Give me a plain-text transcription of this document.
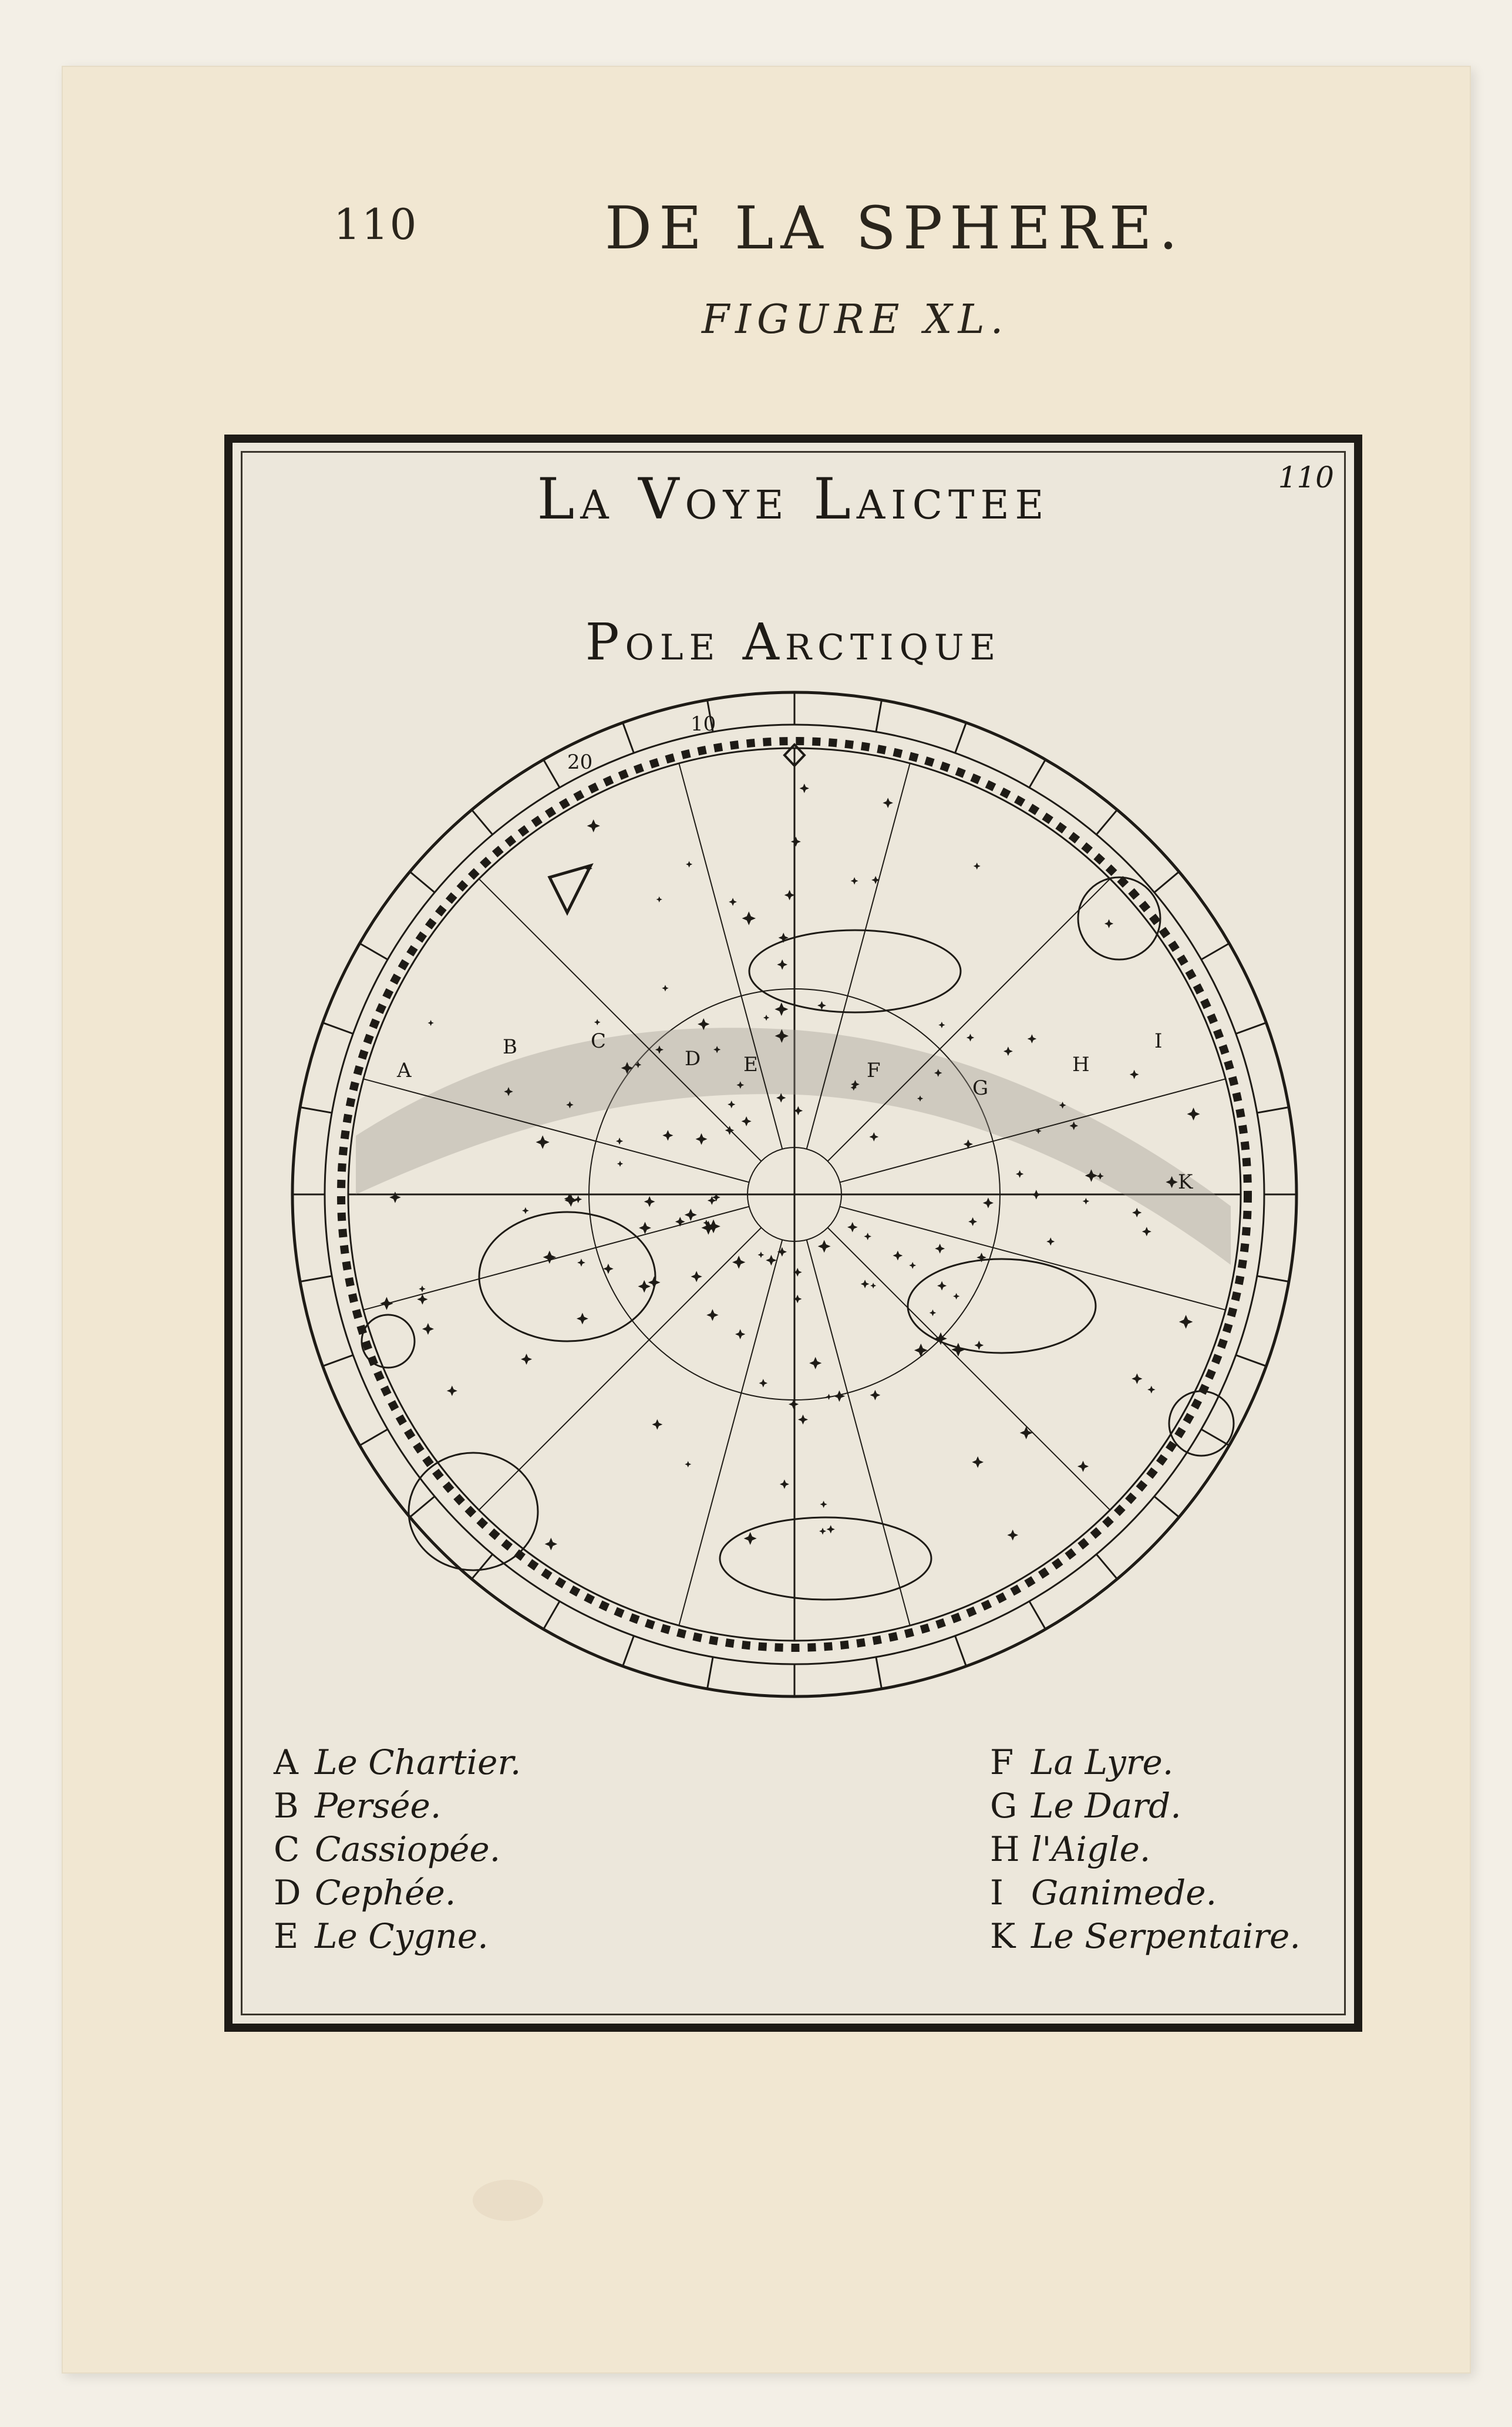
110	DE LA SPHERE.
FIGURE XL.
La Voye Laictee	110
Pole Arctique
A
B	C
D E	F
G
H
I
K
10
20
A Le Chartier.
B Persée.
C Cassiopée.
D Cephée.
E Le Cygne.
F La Lyre.
G Le Dard.
H l'Aigle.
I Ganimede.
K Le Serpentaire.
